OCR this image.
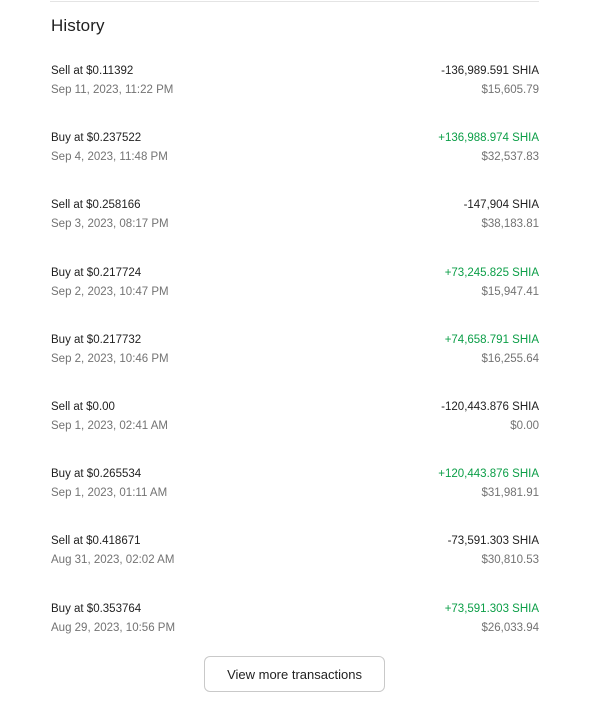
History
Sell at $0.11392
Sep 11, 2023, 11:22 PM
-136,989.591 SHIA
$15,605.79
Buy at $0.237522
Sep 4, 2023, 11:48 PM
+136,988.974 SHIA
$32,537.83
Sell at $0.258166
Sep 3, 2023, 08:17 PM
-147,904 SHIA
$38,183.81
Buy at $0.217724
Sep 2, 2023, 10:47 PM
+73,245.825 SHIA
$15,947.41
Buy at $0.217732
Sep 2, 2023, 10:46 PM
+74,658.791 SHIA
$16,255.64
Sell at $0.00
Sep 1, 2023, 02:41 AM
-120,443.876 SHIA
$0.00
Buy at $0.265534
Sep 1, 2023, 01:11 AM
+120,443.876 SHIA
$31,981.91
Sell at $0.418671
Aug 31, 2023, 02:02 AM
-73,591.303 SHIA
$30,810.53
Buy at $0.353764
Aug 29, 2023, 10:56 PM
+73,591.303 SHIA
$26,033.94
View more transactions
